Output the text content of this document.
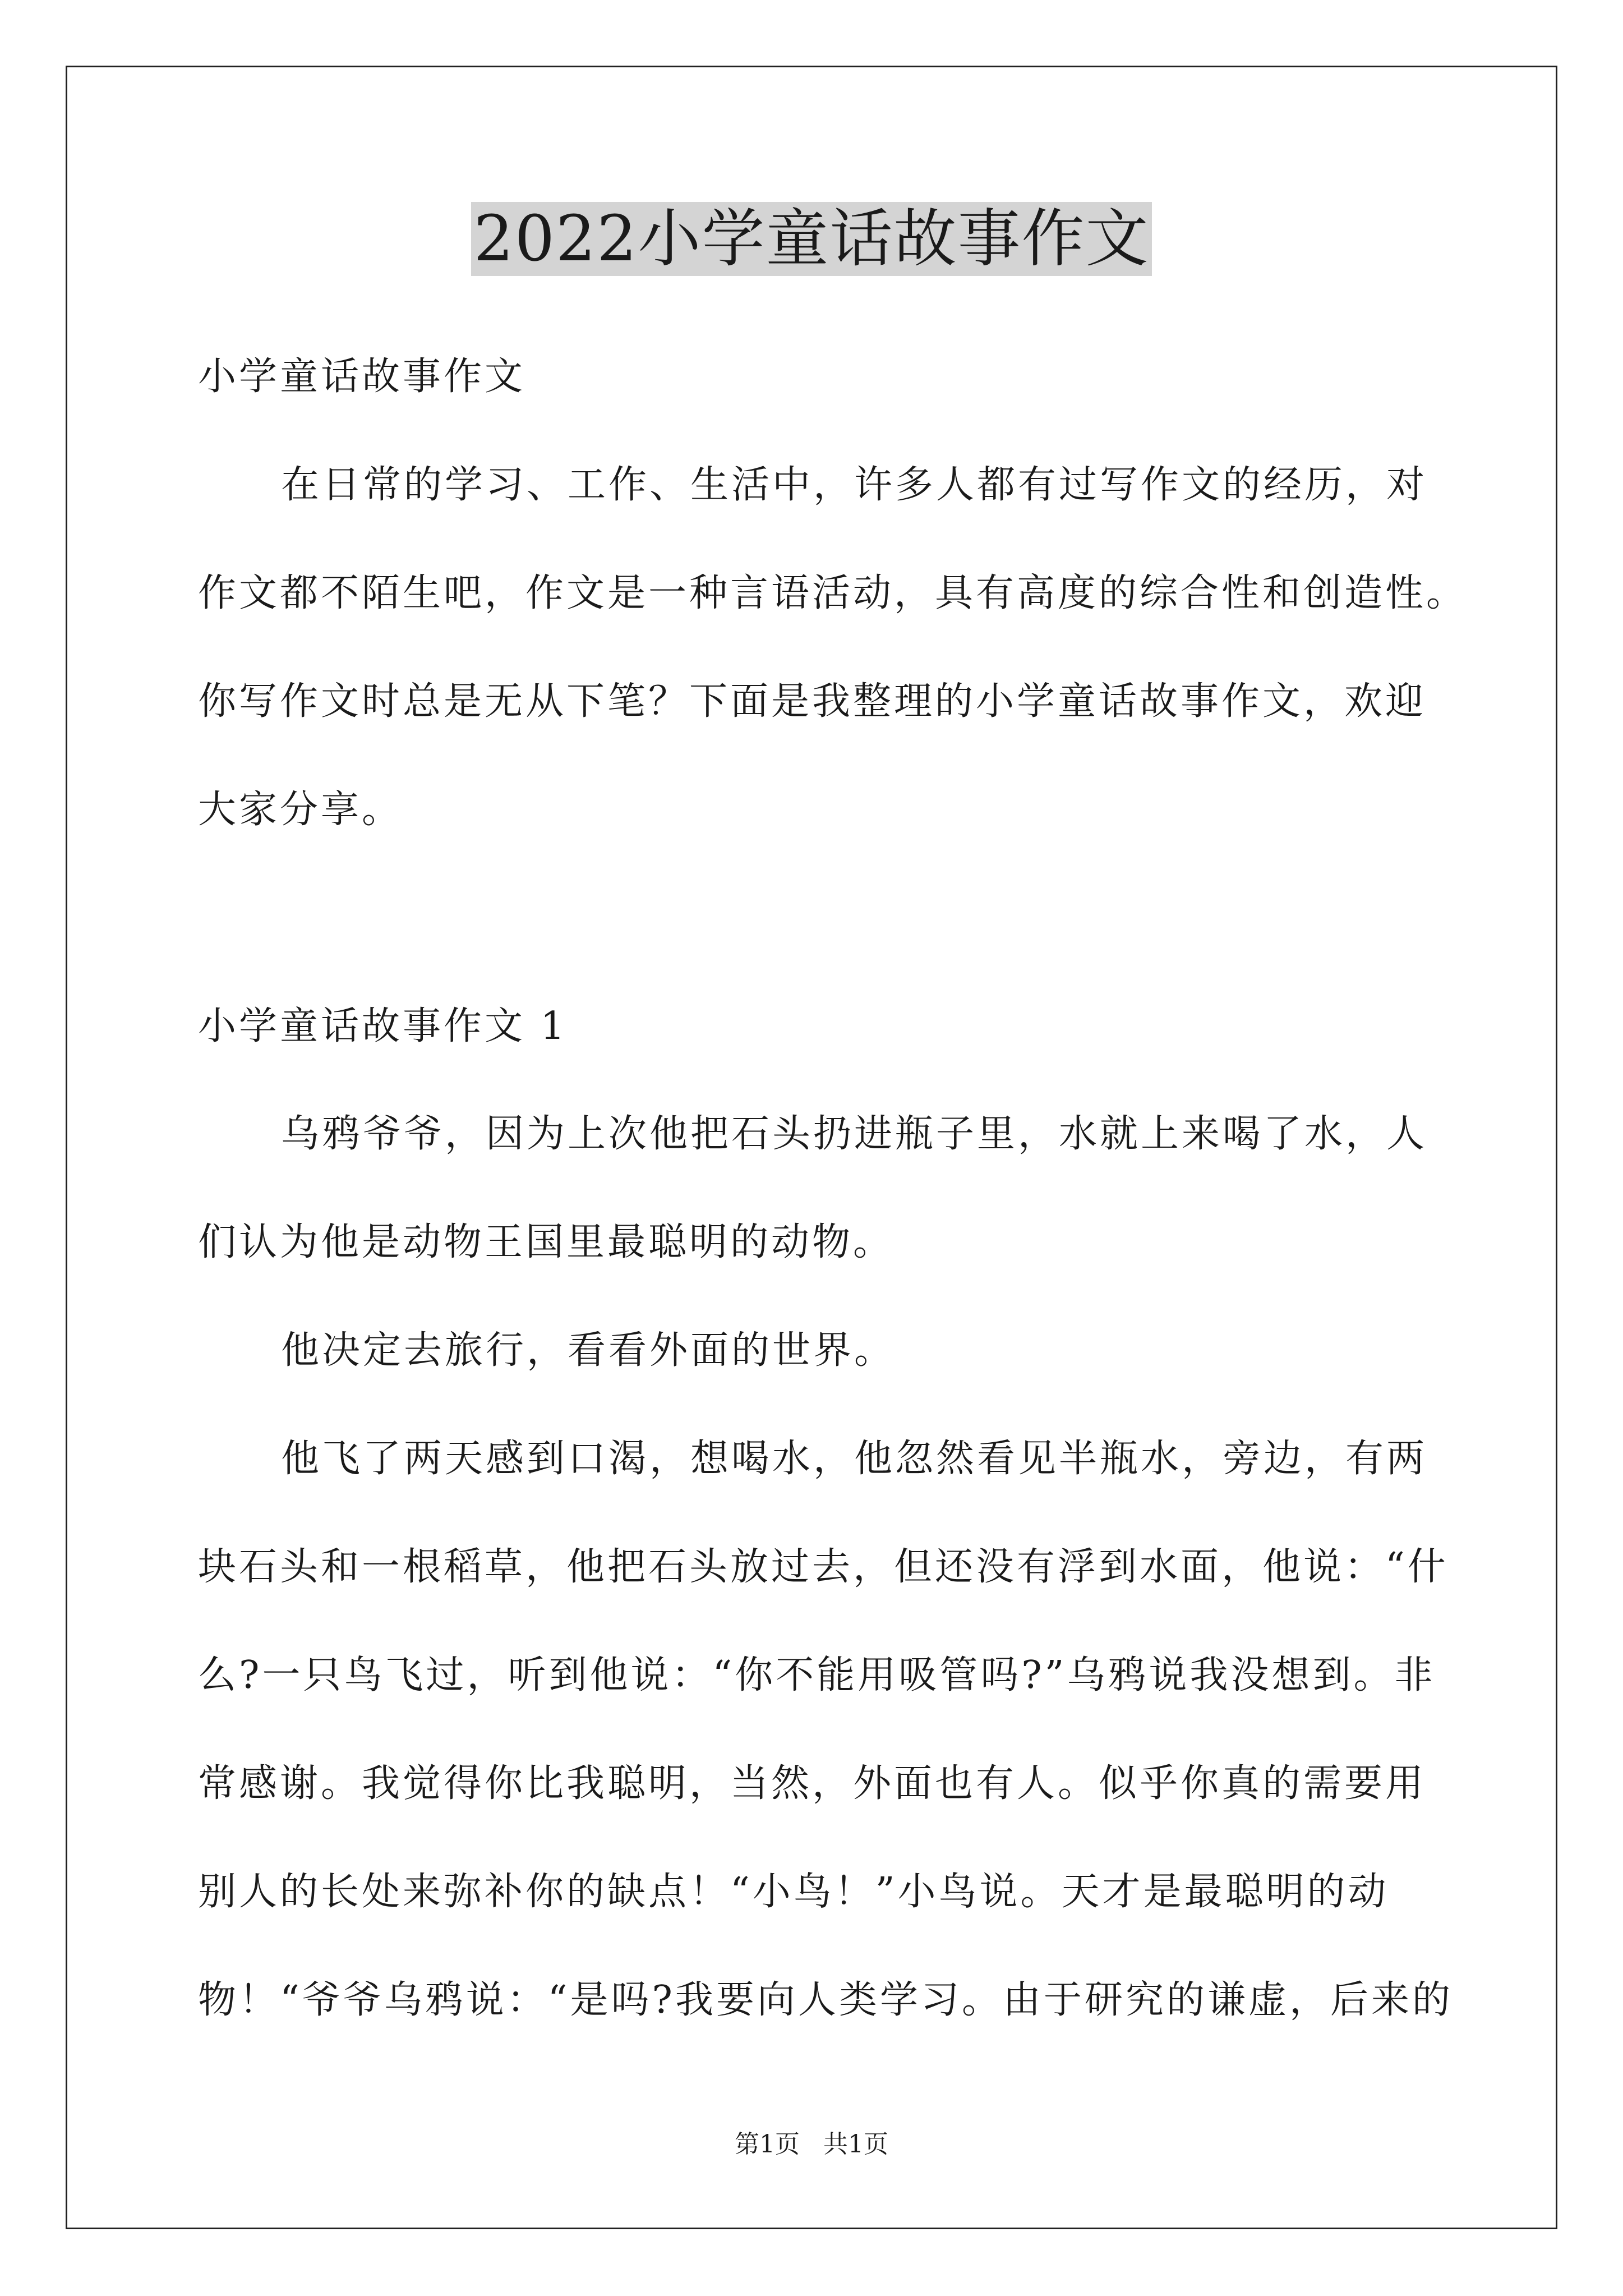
2022小学童话故事作文
小学童话故事作文
在日常的学习、工作、生活中，许多人都有过写作文的经历，对
作文都不陌生吧，作文是一种言语活动，具有高度的综合性和创造性。
你写作文时总是无从下笔？下面是我整理的小学童话故事作文，欢迎
大家分享。
小学童话故事作文 1
乌鸦爷爷，因为上次他把石头扔进瓶子里，水就上来喝了水，人
们认为他是动物王国里最聪明的动物。
他决定去旅行，看看外面的世界。
他飞了两天感到口渴，想喝水，他忽然看见半瓶水，旁边，有两
块石头和一根稻草，他把石头放过去，但还没有浮到水面，他说：“什
么?一只鸟飞过，听到他说：“你不能用吸管吗?”乌鸦说我没想到。非
常感谢。我觉得你比我聪明，当然，外面也有人。似乎你真的需要用
别人的长处来弥补你的缺点！“小鸟！”小鸟说。天才是最聪明的动
物！“爷爷乌鸦说：“是吗?我要向人类学习。由于研究的谦虚，后来的
第1页 共1页
